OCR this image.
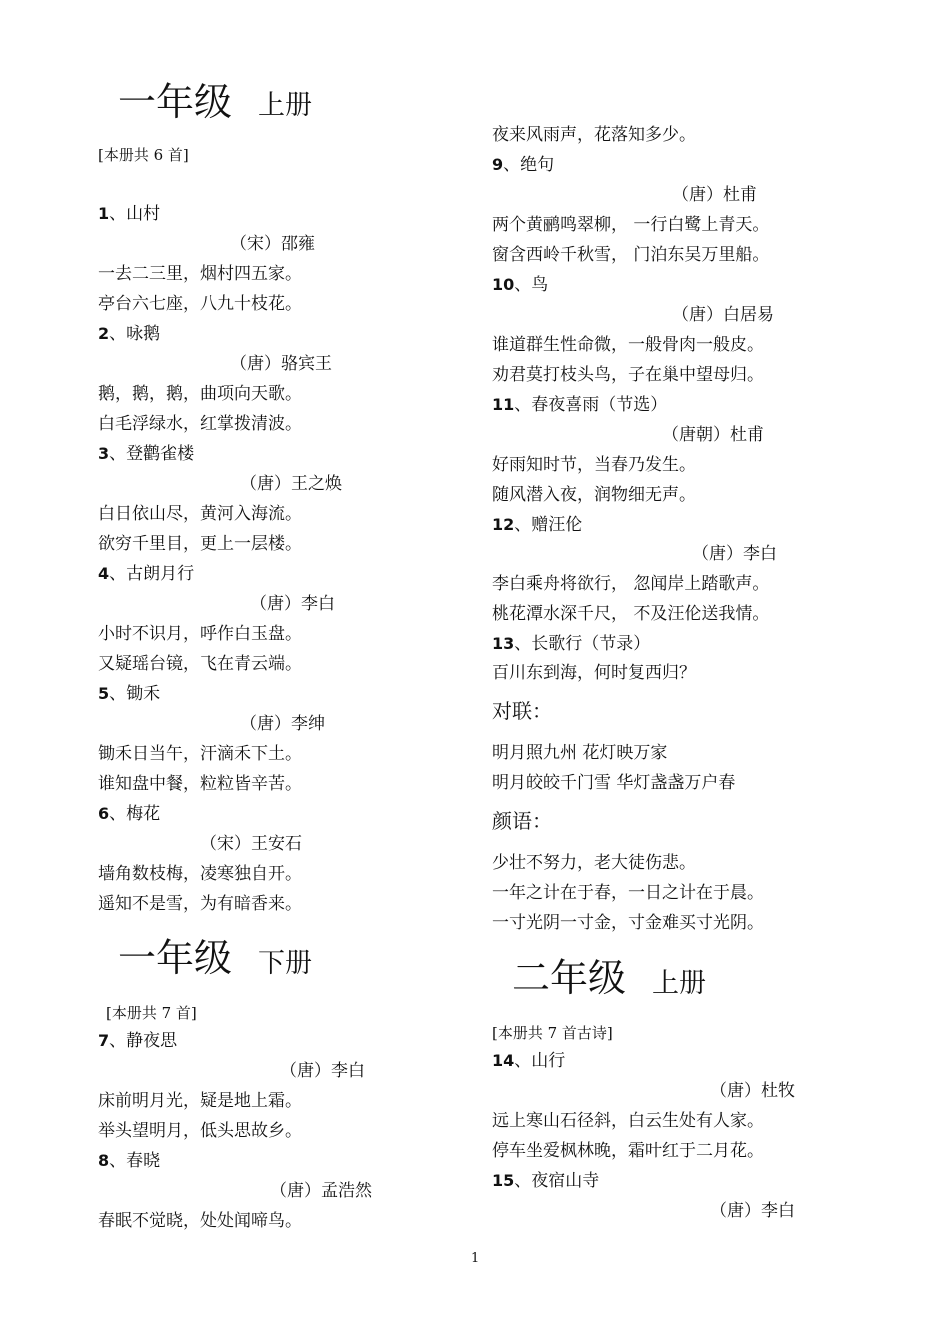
一年级 上册
[本册共 6 首]
1、山村
（宋）邵雍
一去二三里，烟村四五家。
亭台六七座，八九十枝花。
2、咏鹅
（唐）骆宾王
鹅，鹅，鹅，曲项向天歌。
白毛浮绿水，红掌拨清波。
3、登鹳雀楼
（唐）王之焕
白日依山尽，黄河入海流。
欲穷千里目，更上一层楼。
4、古朗月行
（唐）李白
小时不识月，呼作白玉盘。
又疑瑶台镜，飞在青云端。
5、锄禾
（唐）李绅
锄禾日当午，汗滴禾下土。
谁知盘中餐，粒粒皆辛苦。
6、梅花
（宋）王安石
墙角数枝梅，凌寒独自开。
遥知不是雪，为有暗香来。
一年级 下册
[本册共 7 首]
7、静夜思
（唐）李白
床前明月光，疑是地上霜。
举头望明月，低头思故乡。
8、春晓
（唐）孟浩然
春眠不觉晓，处处闻啼鸟。
夜来风雨声，花落知多少。
9、绝句
（唐）杜甫
两个黄鹂鸣翠柳， 一行白鹭上青天。
窗含西岭千秋雪， 门泊东吴万里船。
10、鸟
（唐）白居易
谁道群生性命微，一般骨肉一般皮。
劝君莫打枝头鸟，子在巢中望母归。
11、春夜喜雨（节选）
（唐朝）杜甫
好雨知时节，当春乃发生。
随风潜入夜，润物细无声。
12、赠汪伦
（唐）李白
李白乘舟将欲行， 忽闻岸上踏歌声。
桃花潭水深千尺， 不及汪伦送我情。
13、长歌行（节录）
百川东到海，何时复西归？
对联：
明月照九州 花灯映万家
明月皎皎千门雪 华灯盏盏万户春
颜语：
少壮不努力，老大徒伤悲。
一年之计在于春，一日之计在于晨。
一寸光阴一寸金，寸金难买寸光阴。
二年级 上册
[本册共 7 首古诗]
14、山行
（唐）杜牧
远上寒山石径斜，白云生处有人家。
停车坐爱枫林晚，霜叶红于二月花。
15、夜宿山寺
（唐）李白
1
